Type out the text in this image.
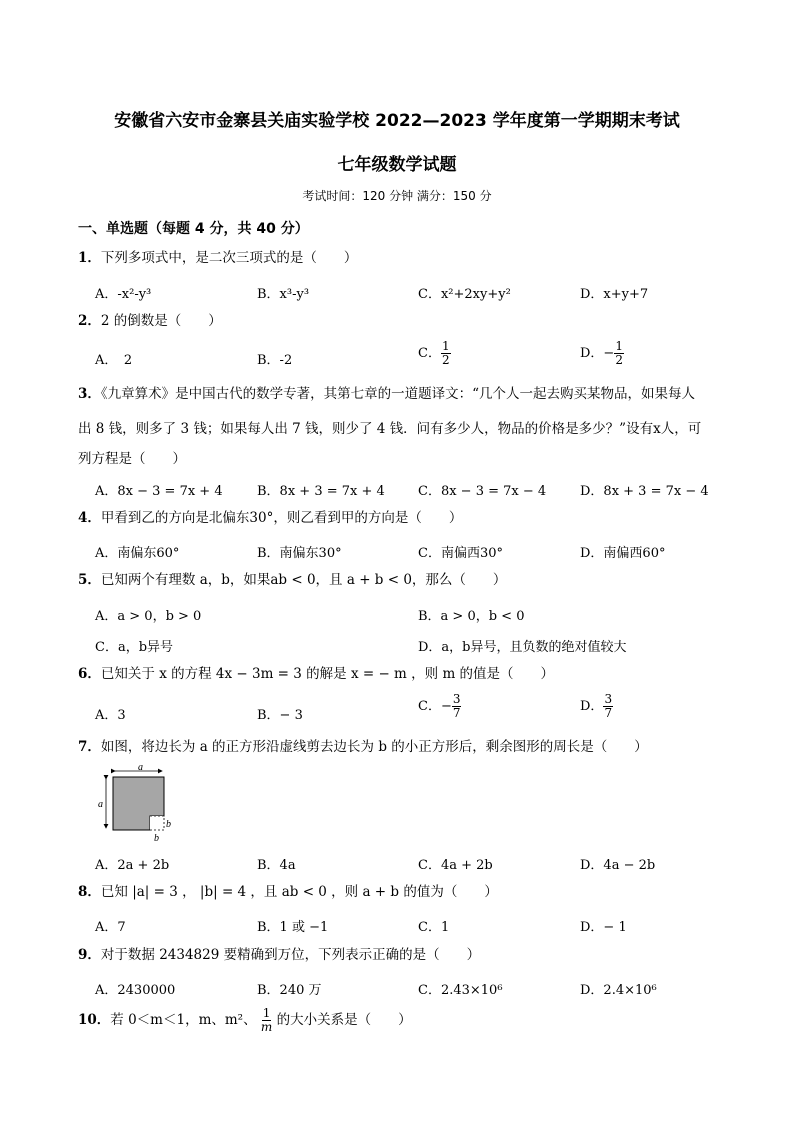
安徽省六安市金寨县关庙实验学校 2022—2023 学年度第一学期期末考试
七年级数学试题
考试时间：120 分钟 满分：150 分
一、单选题（每题 4 分，共 40 分）
1．下列多项式中，是二次三项式的是（　　）
A．-x²-y³	B．x³-y³	C．x²+2xy+y²	D．x+y+7
2．2 的倒数是（　　）
A．　2	B．-2	C． $\frac{1}{2}$	D．− $\frac{1}{2}$
3．《九章算术》是中国古代的数学专著，其第七章的一道题译文：“几个人一起去购买某物品，如果每人
出 8 钱，则多了 3 钱；如果每人出 7 钱，则少了 4 钱．问有多少人，物品的价格是多少？”设有x人，可
列方程是（　　）
A．8x − 3 = 7x + 4	B．8x + 3 = 7x + 4	C．8x − 3 = 7x − 4	D．8x + 3 = 7x − 4
4．甲看到乙的方向是北偏东30°，则乙看到甲的方向是（　　）
A．南偏东60°	B．南偏东30°	C．南偏西30°	D．南偏西60°
5．已知两个有理数 a，b，如果ab < 0，且 a + b < 0，那么（　　）
A．a > 0，b > 0	B．a > 0，b < 0
C．a，b异号	D．a，b异号，且负数的绝对值较大
6．已知关于 x 的方程 4x − 3m = 3 的解是 x = − m ，则 m 的值是（　　）
A．3	B．− 3
C．− $\frac{3}{7}$	D． $\frac{3}{7}$
7．如图，将边长为 a 的正方形沿虚线剪去边长为 b 的小正方形后，剩余图形的周长是（　　）
a
a
b
b
A．2a + 2b	B．4a	C．4a + 2b	D．4a − 2b
8．已知 |a| = 3 ， |b| = 4 ，且 ab < 0 ，则 a + b 的值为（　　）
A．7	B．1 或 −1	C．1	D．− 1
9．对于数据 2434829 要精确到万位，下列表示正确的是（　　）
A．2430000	B．240 万	C．2.43×10⁶	D．2.4×10⁶
10．若 0＜m＜1，m、m²、 $\frac{1}{m}$ 的大小关系是（　　）
